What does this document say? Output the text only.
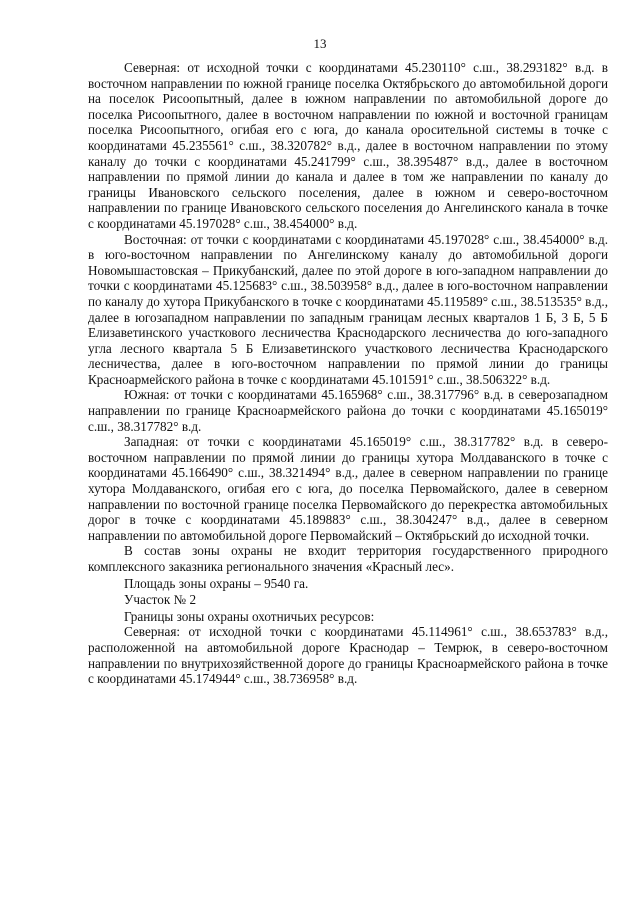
13

Северная: от исходной точки с координатами 45.230110° с.ш., 38.293182° в.д. в восточном направлении по южной границе поселка Октябрьского до автомобильной дороги на поселок Рисоопытный, далее в южном направлении по автомобильной дороге до поселка Рисоопытного, далее в восточном направлении по южной и восточной границам поселка Рисоопытного, огибая его с юга, до канала оросительной системы в точке с координатами 45.235561° с.ш., 38.320782° в.д., далее в восточном направлении по этому каналу до точки с координатами 45.241799° с.ш., 38.395487° в.д., далее в восточном направлении по прямой линии до канала и далее в том же направлении по каналу до границы Ивановского сельского поселения, далее в южном и северо-восточном направлении по границе Ивановского сельского поселения до Ангелинского канала в точке с координатами 45.197028° с.ш., 38.454000° в.д.

Восточная: от точки с координатами с координатами 45.197028° с.ш., 38.454000° в.д. в юго-восточном направлении по Ангелинскому каналу до автомобильной дороги Новомышастовская – Прикубанский, далее по этой дороге в юго-западном направлении до точки с координатами 45.125683° с.ш., 38.503958° в.д., далее в юго-восточном направлении по каналу до хутора Прикубанского в точке с координатами 45.119589° с.ш., 38.513535° в.д., далее в югозападном направлении по западным границам лесных кварталов 1 Б, 3 Б, 5 Б Елизаветинского участкового лесничества Краснодарского лесничества до юго-западного угла лесного квартала 5 Б Елизаветинского участкового лесничества Краснодарского лесничества, далее в юго-восточном направлении по прямой линии до границы Красноармейского района в точке с координатами 45.101591° с.ш., 38.506322° в.д.

Южная: от точки с координатами 45.165968° с.ш., 38.317796° в.д. в северозападном направлении по границе Красноармейского района до точки с координатами 45.165019° с.ш., 38.317782° в.д.

Западная: от точки с координатами 45.165019° с.ш., 38.317782° в.д. в северо-восточном направлении по прямой линии до границы хутора Молдаванского в точке с координатами 45.166490° с.ш., 38.321494° в.д., далее в северном направлении по границе хутора Молдаванского, огибая его с юга, до поселка Первомайского, далее в северном направлении по восточной границе поселка Первомайского до перекрестка автомобильных дорог в точке с координатами 45.189883° с.ш., 38.304247° в.д., далее в северном направлении по автомобильной дороге Первомайский – Октябрьский до исходной точки.

В состав зоны охраны не входит территория государственного природного комплексного заказника регионального значения «Красный лес».

Площадь зоны охраны – 9540 га.

Участок № 2

Границы зоны охраны охотничьих ресурсов:

Северная: от исходной точки с координатами 45.114961° с.ш., 38.653783° в.д., расположенной на автомобильной дороге Краснодар – Темрюк, в северо-восточном направлении по внутрихозяйственной дороге до границы Красноармейского района в точке с координатами 45.174944° с.ш., 38.736958° в.д.
